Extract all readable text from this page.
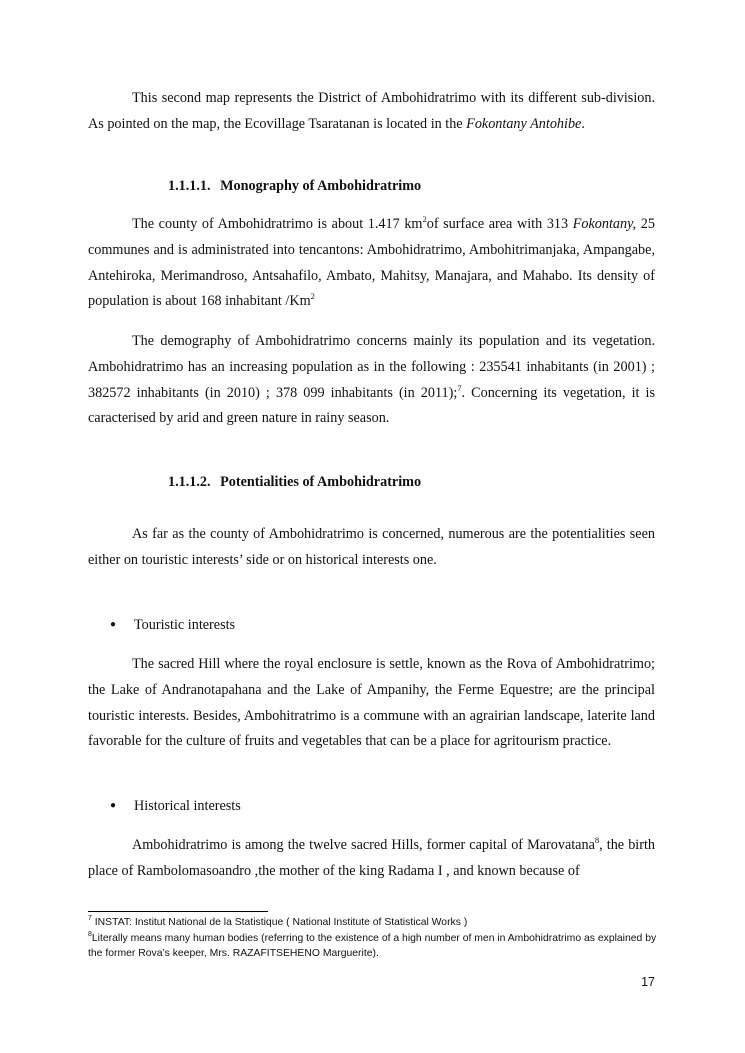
This second map represents the District of Ambohidratrimo with its different sub-division. As pointed on the map, the Ecovillage Tsaratanan is located in the Fokontany Antohibe.

1.1.1.1. Monography of Ambohidratrimo

The county of Ambohidratrimo is about 1.417 $km^2of$ surface area with 313 Fokontany, 25 communes and is administrated into tencantons: Ambohidratrimo, Ambohitrimanjaka, Ampangabe, Antehiroka, Merimandroso, Antsahafilo, Ambato, Mahitsy, Manajara, and Mahabo. Its density of population is about 168 inhabitant /Km$^2$

The demography of Ambohidratrimo concerns mainly its population and its vegetation. Ambohidratrimo has an increasing population as in the following : 235541 inhabitants (in 2001) ; 382572 inhabitants (in 2010) ; 378 099 inhabitants (in 2011);$^7$. Concerning its vegetation, it is caracterised by arid and green nature in rainy season.

1.1.1.2. Potentialities of Ambohidratrimo

As far as the county of Ambohidratrimo is concerned, numerous are the potentialities seen either on touristic interests’ side or on historical interests one.

● Touristic interests

The sacred Hill where the royal enclosure is settle, known as the Rova of Ambohidratrimo; the Lake of Andranotapahana and the Lake of Ampanihy, the Ferme Equestre; are the principal touristic interests. Besides, Ambohitratrimo is a commune with an agrairian landscape, laterite land favorable for the culture of fruits and vegetables that can be a place for agritourism practice.

● Historical interests

Ambohidratrimo is among the twelve sacred Hills, former capital of Marovatana$^8$, the birth place of Rambolomasoandro ,the mother of the king Radama I , and known because of

$^7$ INSTAT: Institut National de la Statistique ( National Institute of Statistical Works )

$^8$Literally means many human bodies (referring to the existence of a high number of men in Ambohidratrimo as explained by the former Rova’s keeper, Mrs. RAZAFITSEHENO Marguerite).

17
